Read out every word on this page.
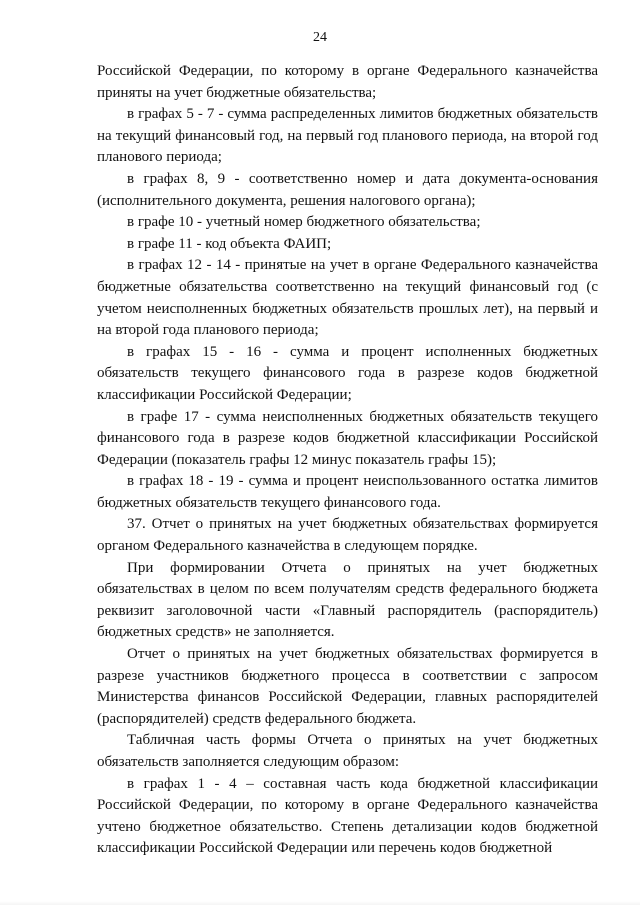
24

Российской Федерации, по которому в органе Федерального казначейства приняты на учет бюджетные обязательства;

в графах 5 - 7 - сумма распределенных лимитов бюджетных обязательств на текущий финансовый год, на первый год планового периода, на второй год планового периода;

в графах 8, 9 - соответственно номер и дата документа-основания (исполнительного документа, решения налогового органа);

в графе 10 - учетный номер бюджетного обязательства;

в графе 11 - код объекта ФАИП;

в графах 12 - 14 - принятые на учет в органе Федерального казначейства бюджетные обязательства соответственно на текущий финансовый год (с учетом неисполненных бюджетных обязательств прошлых лет), на первый и на второй года планового периода;

в графах 15 - 16 - сумма и процент исполненных бюджетных обязательств текущего финансового года в разрезе кодов бюджетной классификации Российской Федерации;

в графе 17 - сумма неисполненных бюджетных обязательств текущего финансового года в разрезе кодов бюджетной классификации Российской Федерации (показатель графы 12 минус показатель графы 15);

в графах 18 - 19 - сумма и процент неиспользованного остатка лимитов бюджетных обязательств текущего финансового года.

37. Отчет о принятых на учет бюджетных обязательствах формируется органом Федерального казначейства в следующем порядке.

При формировании Отчета о принятых на учет бюджетных обязательствах в целом по всем получателям средств федерального бюджета реквизит заголовочной части «Главный распорядитель (распорядитель) бюджетных средств» не заполняется.

Отчет о принятых на учет бюджетных обязательствах формируется в разрезе участников бюджетного процесса в соответствии с запросом Министерства финансов Российской Федерации, главных распорядителей (распорядителей) средств федерального бюджета.

Табличная часть формы Отчета о принятых на учет бюджетных обязательств заполняется следующим образом:

в графах 1 - 4 – составная часть кода бюджетной классификации Российской Федерации, по которому в органе Федерального казначейства учтено бюджетное обязательство. Степень детализации кодов бюджетной классификации Российской Федерации или перечень кодов бюджетной
